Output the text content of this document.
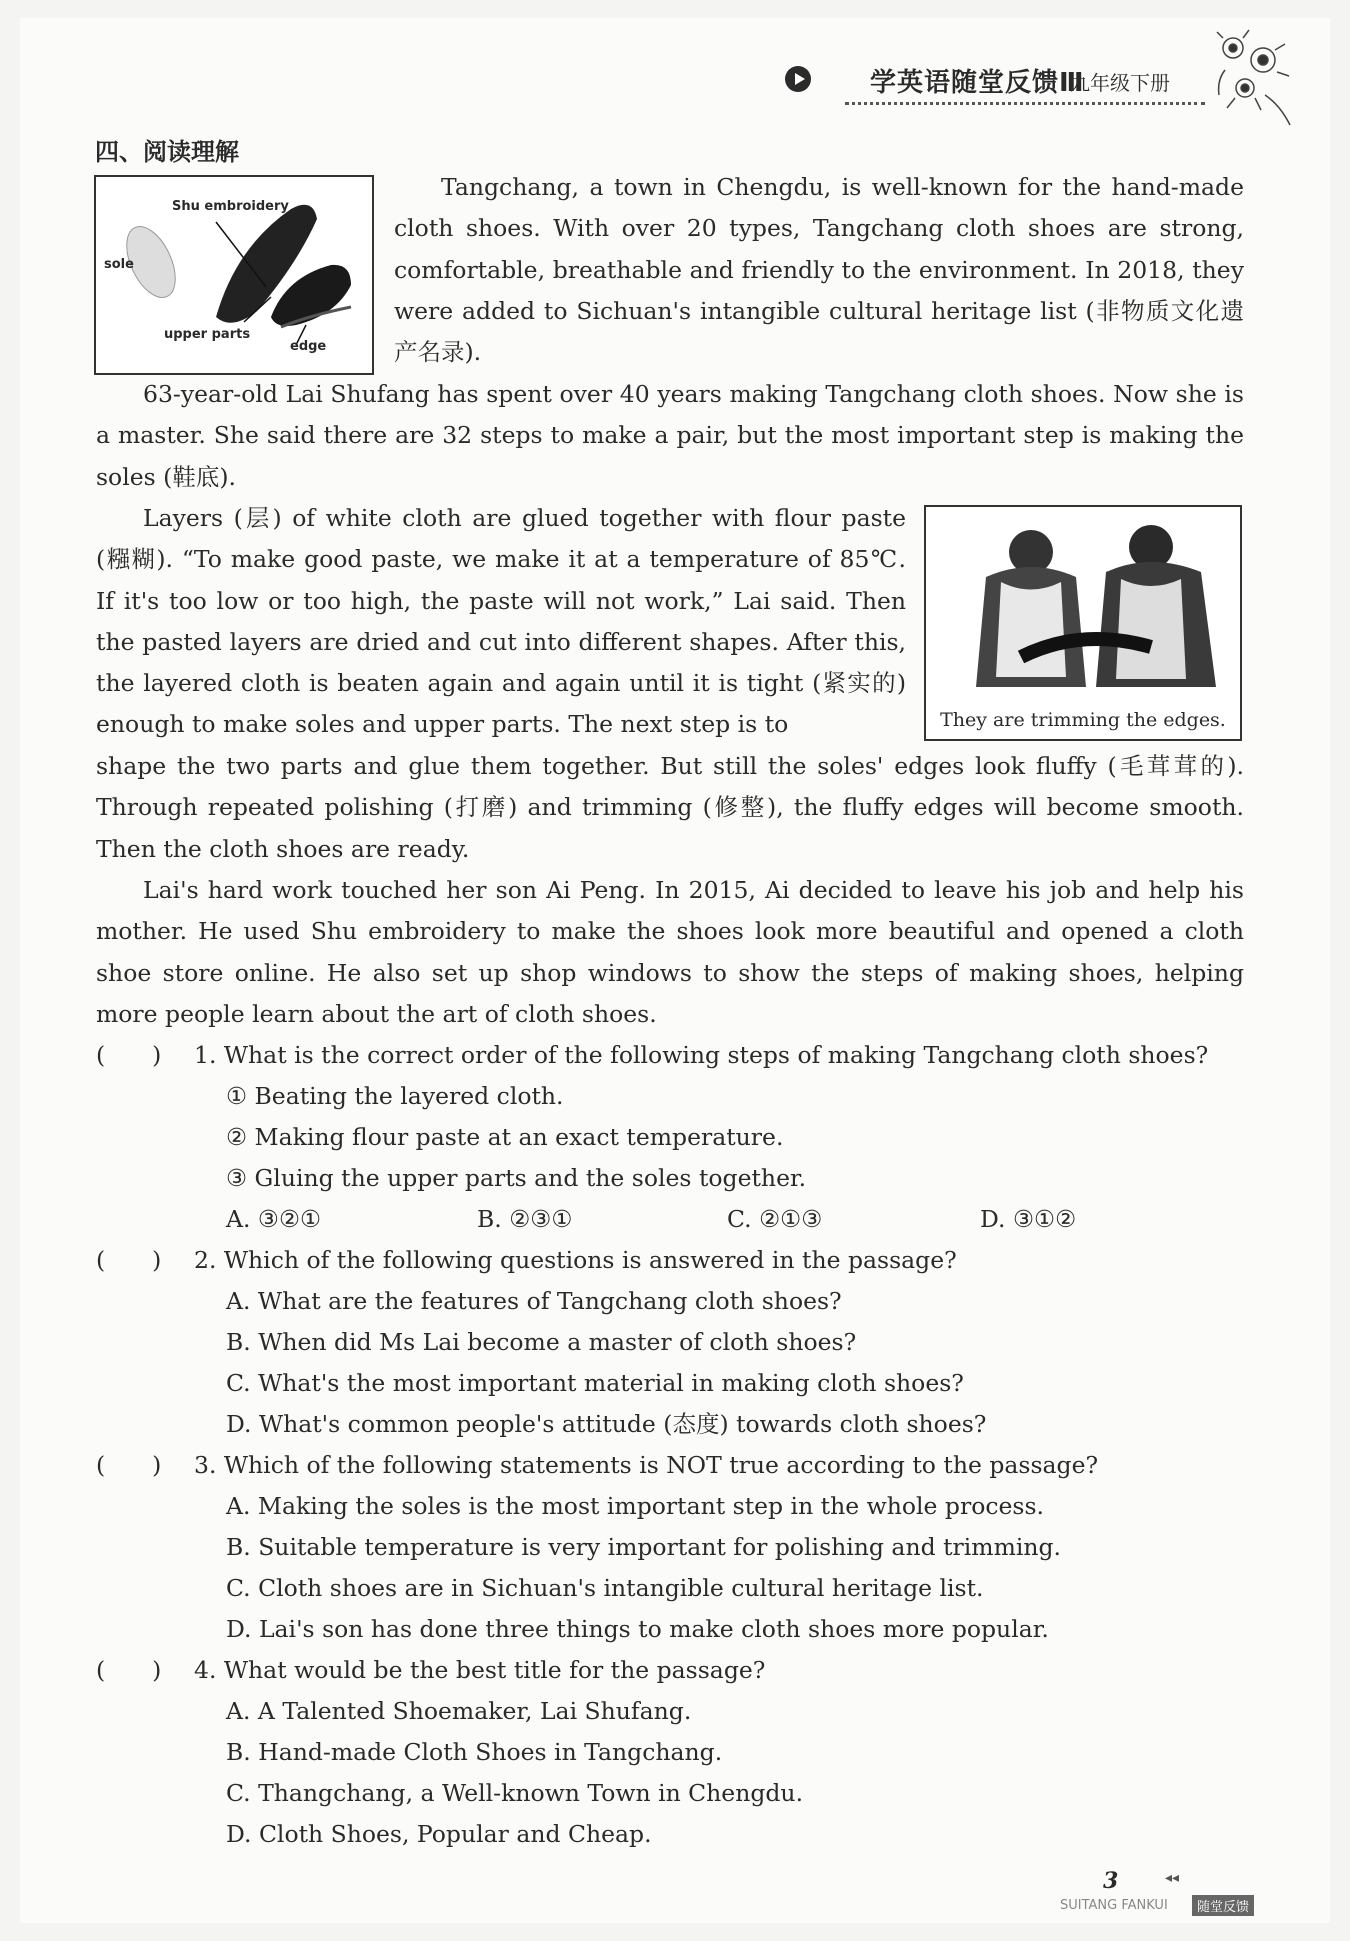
学英语随堂反馈Ⅲ
九年级下册
四、阅读理解
Shu embroidery
sole
upper parts
edge

Tangchang, a town in Chengdu, is well-known for the hand-made cloth shoes. With over 20 types, Tangchang cloth shoes are strong, comfortable, breathable and friendly to the environment. In 2018, they were added to Sichuan's intangible cultural heritage list (非物质文化遗产名录).

63-year-old Lai Shufang has spent over 40 years making Tangchang cloth shoes. Now she is a master. She said there are 32 steps to make a pair, but the most important step is making the soles (鞋底).

They are trimming the edges.

Layers (层) of white cloth are glued together with flour paste (糨糊). “To make good paste, we make it at a temperature of 85℃. If it's too low or too high, the paste will not work,” Lai said. Then the pasted layers are dried and cut into different shapes. After this, the layered cloth is beaten again and again until it is tight (紧实的) enough to make soles and upper parts. The next step is to

shape the two parts and glue them together. But still the soles' edges look fluffy (毛茸茸的). Through repeated polishing (打磨) and trimming (修整), the fluffy edges will become smooth. Then the cloth shoes are ready.

Lai's hard work touched her son Ai Peng. In 2015, Ai decided to leave his job and help his mother. He used Shu embroidery to make the shoes look more beautiful and opened a cloth shoe store online. He also set up shop windows to show the steps of making shoes, helping more people learn about the art of cloth shoes.

(  ) 1. What is the correct order of the following steps of making Tangchang cloth shoes?
① Beating the layered cloth.
② Making flour paste at an exact temperature.
③ Gluing the upper parts and the soles together.
A. ③②①	B. ②③①	C. ②①③	D. ③①②
(  ) 2. Which of the following questions is answered in the passage?
A. What are the features of Tangchang cloth shoes?
B. When did Ms Lai become a master of cloth shoes?
C. What's the most important material in making cloth shoes?
D. What's common people's attitude (态度) towards cloth shoes?
(  ) 3. Which of the following statements is NOT true according to the passage?
A. Making the soles is the most important step in the whole process.
B. Suitable temperature is very important for polishing and trimming.
C. Cloth shoes are in Sichuan's intangible cultural heritage list.
D. Lai's son has done three things to make cloth shoes more popular.
(  ) 4. What would be the best title for the passage?
A. A Talented Shoemaker, Lai Shufang.
B. Hand-made Cloth Shoes in Tangchang.
C. Thangchang, a Well-known Town in Chengdu.
D. Cloth Shoes, Popular and Cheap.
3	◂◂
SUITANG FANKUI	随堂反馈
